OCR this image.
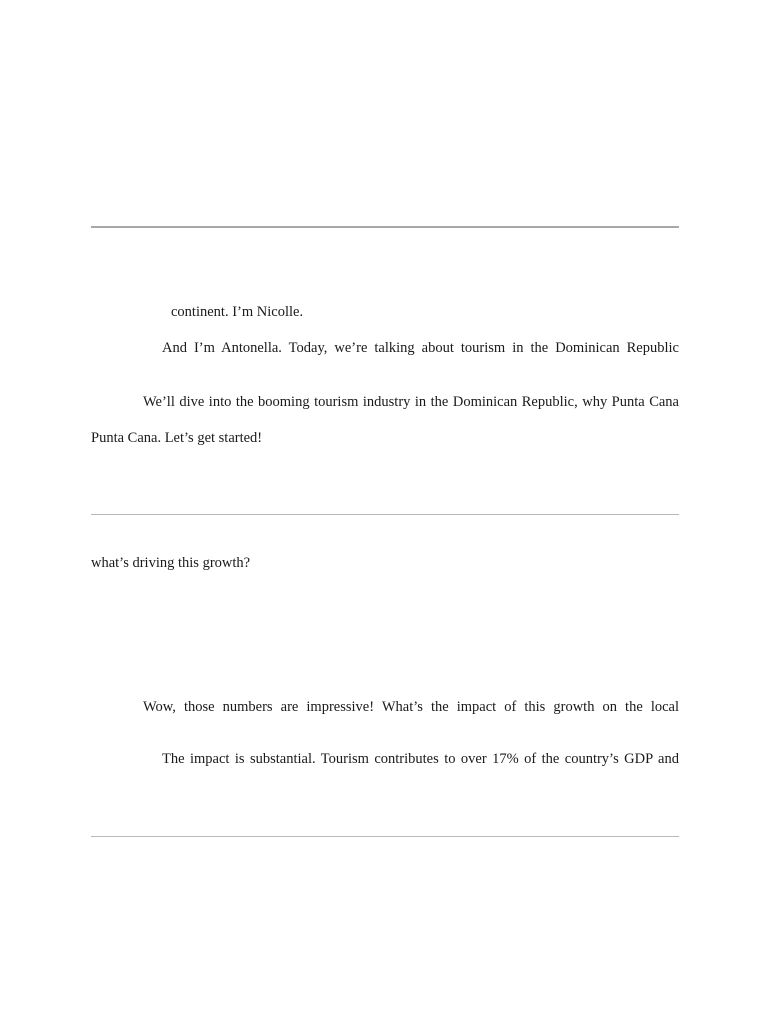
continent. I’m Nicolle.
And I’m Antonella. Today, we’re talking about tourism in the Dominican Republic
We’ll dive into the booming tourism industry in the Dominican Republic, why Punta Cana
Punta Cana. Let’s get started!
what’s driving this growth?
Wow, those numbers are impressive! What’s the impact of this growth on the local
The impact is substantial. Tourism contributes to over 17% of the country’s GDP and
